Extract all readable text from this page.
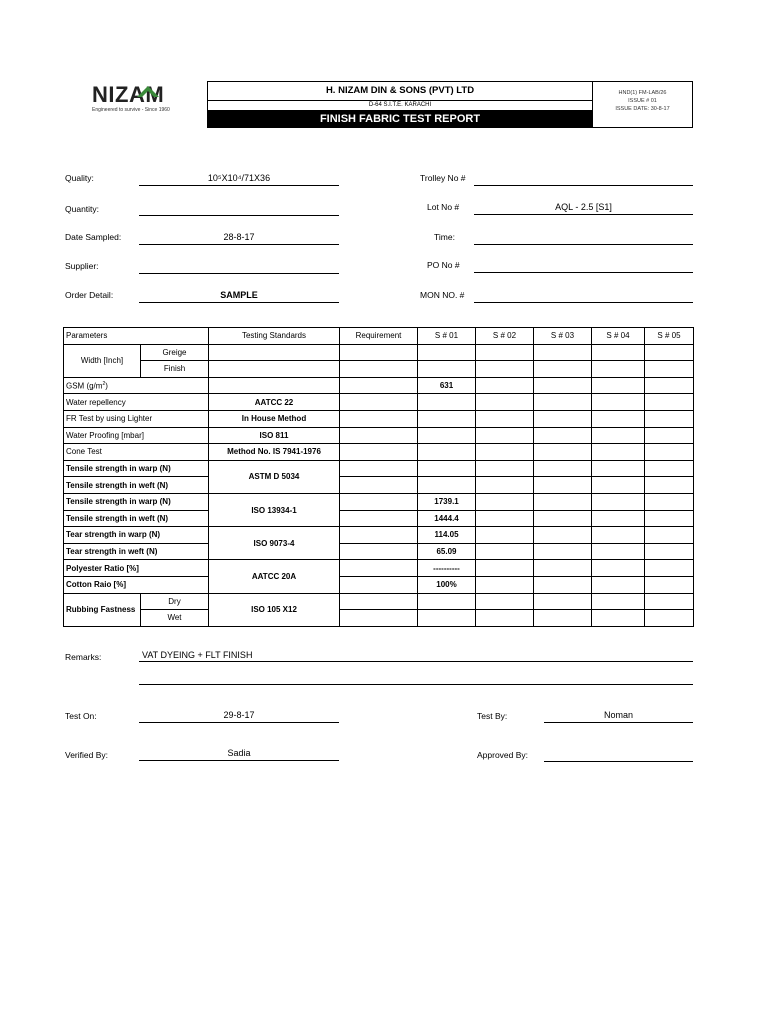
NIZAM
Engineered to survive - Since 1960
H. NIZAM DIN & SONS (PVT) LTD
D-64 S.I.T.E. KARACHI
FINISH FABRIC TEST REPORT
HND(1) FM-LAB/26
ISSUE # 01
ISSUE DATE: 30-8-17
Quality:	10⁵X10⁴/71X36
Quantity:
Date Sampled:	28-8-17
Supplier:
Order Detail:	SAMPLE
Trolley No #
Lot No #	AQL - 2.5 [S1]
Time:
PO No #
MON NO. #
Parameters		Testing Standards	Requirement	S # 01	S # 02	S # 03	S # 04	S # 05
Width [Inch]	Greige							
	Finish							
GSM $(g/m^2)$				631				
Water repellency		AATCC 22						
FR Test by using Lighter		In House Method						
Water Proofing [mbar]		ISO 811						
Cone Test		Method No. IS 7941-1976						
Tensile strength in warp (N)		ASTM D 5034						
Tensile strength in weft (N)								
Tensile strength in warp (N)		ISO 13934-1		1739.1				
Tensile strength in weft (N)				1444.4				
Tear strength in warp (N)		ISO 9073-4		114.05				
Tear strength in weft (N)				65.09				
Polyester Ratio [%]		AATCC 20A		----------				
Cotton Raio [%]				100%				
Rubbing Fastness	Dry	ISO 105 X12						
	Wet							
Remarks:	VAT DYEING + FLT FINISH
Test On:	29-8-17	Test By:	Noman
Verified By:	Sadia	Approved By:
